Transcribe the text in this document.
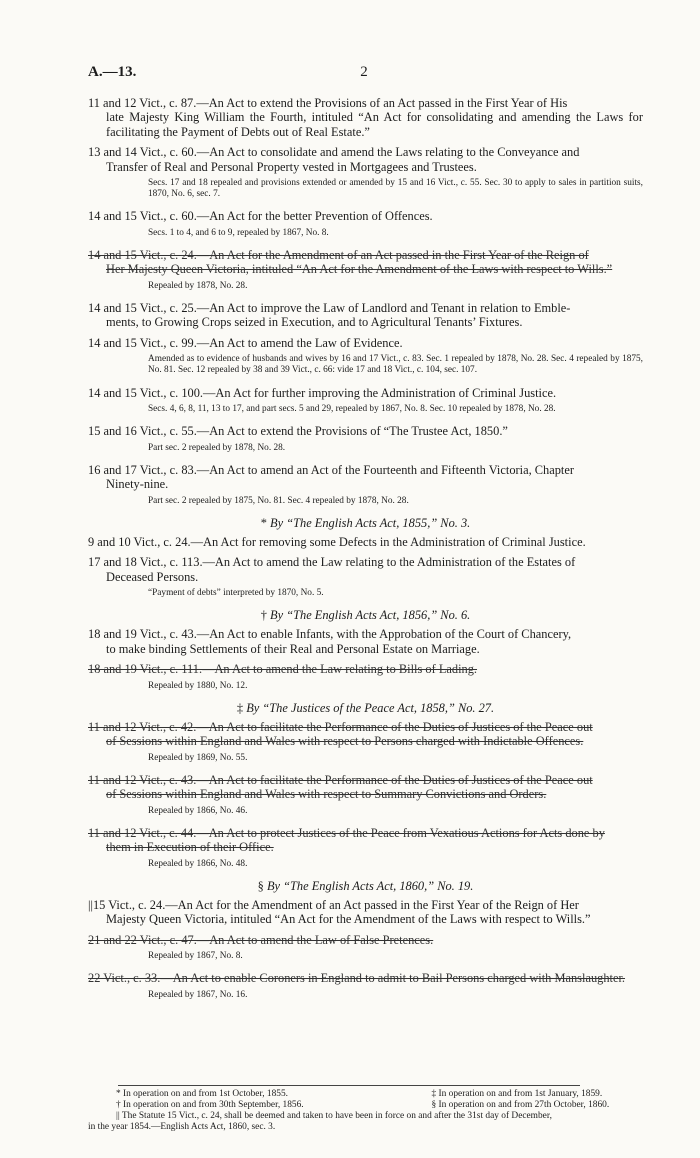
A.—13.	2
11 and 12 Vict., c. 87.—An Act to extend the Provisions of an Act passed in the First Year of His
late Majesty King William the Fourth, intituled “An Act for consolidating and amending the Laws for facilitating the Payment of Debts out of Real Estate.”
13 and 14 Vict., c. 60.—An Act to consolidate and amend the Laws relating to the Conveyance and
Transfer of Real and Personal Property vested in Mortgagees and Trustees.
Secs. 17 and 18 repealed and provisions extended or amended by 15 and 16 Vict., c. 55. Sec. 30 to apply to sales in partition suits, 1870, No. 6, sec. 7.
14 and 15 Vict., c. 60.—An Act for the better Prevention of Offences.
Secs. 1 to 4, and 6 to 9, repealed by 1867, No. 8.
14 and 15 Vict., c. 24.—An Act for the Amendment of an Act passed in the First Year of the Reign of
Her Majesty Queen Victoria, intituled “An Act for the Amendment of the Laws with respect to Wills.”
Repealed by 1878, No. 28.
14 and 15 Vict., c. 25.—An Act to improve the Law of Landlord and Tenant in relation to Emble-
ments, to Growing Crops seized in Execution, and to Agricultural Tenants’ Fixtures.
14 and 15 Vict., c. 99.—An Act to amend the Law of Evidence.
Amended as to evidence of husbands and wives by 16 and 17 Vict., c. 83. Sec. 1 repealed by 1878, No. 28. Sec. 4 repealed by 1875, No. 81. Sec. 12 repealed by 38 and 39 Vict., c. 66: vide 17 and 18 Vict., c. 104, sec. 107.
14 and 15 Vict., c. 100.—An Act for further improving the Administration of Criminal Justice.
Secs. 4, 6, 8, 11, 13 to 17, and part secs. 5 and 29, repealed by 1867, No. 8. Sec. 10 repealed by 1878, No. 28.
15 and 16 Vict., c. 55.—An Act to extend the Provisions of “The Trustee Act, 1850.”
Part sec. 2 repealed by 1878, No. 28.
16 and 17 Vict., c. 83.—An Act to amend an Act of the Fourteenth and Fifteenth Victoria, Chapter
Ninety-nine.
Part sec. 2 repealed by 1875, No. 81. Sec. 4 repealed by 1878, No. 28.
* By “The English Acts Act, 1855,” No. 3.
9 and 10 Vict., c. 24.—An Act for removing some Defects in the Administration of Criminal Justice.
17 and 18 Vict., c. 113.—An Act to amend the Law relating to the Administration of the Estates of
Deceased Persons.
“Payment of debts” interpreted by 1870, No. 5.
† By “The English Acts Act, 1856,” No. 6.
18 and 19 Vict., c. 43.—An Act to enable Infants, with the Approbation of the Court of Chancery,
to make binding Settlements of their Real and Personal Estate on Marriage.
18 and 19 Vict., c. 111.—An Act to amend the Law relating to Bills of Lading.
Repealed by 1880, No. 12.
‡ By “The Justices of the Peace Act, 1858,” No. 27.
11 and 12 Vict., c. 42.—An Act to facilitate the Performance of the Duties of Justices of the Peace out
of Sessions within England and Wales with respect to Persons charged with Indictable Offences.
Repealed by 1869, No. 55.
11 and 12 Vict., c. 43.—An Act to facilitate the Performance of the Duties of Justices of the Peace out
of Sessions within England and Wales with respect to Summary Convictions and Orders.
Repealed by 1866, No. 46.
11 and 12 Vict., c. 44.—An Act to protect Justices of the Peace from Vexatious Actions for Acts done by
them in Execution of their Office.
Repealed by 1866, No. 48.
§ By “The English Acts Act, 1860,” No. 19.
||15 Vict., c. 24.—An Act for the Amendment of an Act passed in the First Year of the Reign of Her
Majesty Queen Victoria, intituled “An Act for the Amendment of the Laws with respect to Wills.”
21 and 22 Vict., c. 47.—An Act to amend the Law of False Pretences.
Repealed by 1867, No. 8.
22 Vict., c. 33.—An Act to enable Coroners in England to admit to Bail Persons charged with Manslaughter.
Repealed by 1867, No. 16.
* In operation on and from 1st October, 1855.	‡ In operation on and from 1st January, 1859.
† In operation on and from 30th September, 1856.	§ In operation on and from 27th October, 1860.
|| The Statute 15 Vict., c. 24, shall be deemed and taken to have been in force on and after the 31st day of December,
in the year 1854.—English Acts Act, 1860, sec. 3.
